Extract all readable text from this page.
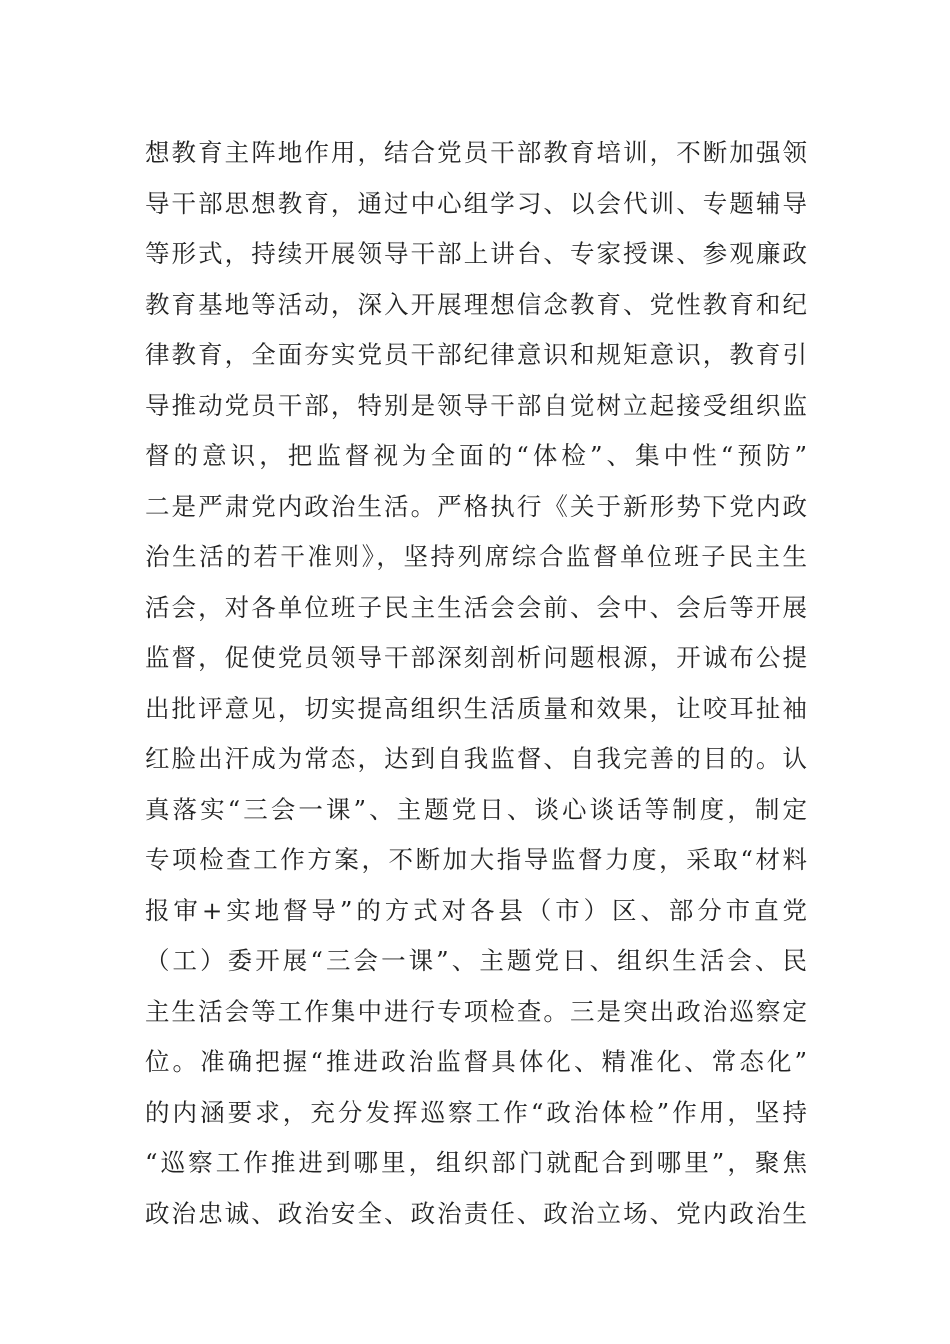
想教育主阵地作用，结合党员干部教育培训，不断加强领
导干部思想教育，通过中心组学习、以会代训、专题辅导
等形式，持续开展领导干部上讲台、专家授课、参观廉政
教育基地等活动，深入开展理想信念教育、党性教育和纪
律教育，全面夯实党员干部纪律意识和规矩意识，教育引
导推动党员干部，特别是领导干部自觉树立起接受组织监
督的意识，把监督视为全面的“体检”、集中性“预防”
二是严肃党内政治生活。严格执行《关于新形势下党内政
治生活的若干准则》，坚持列席综合监督单位班子民主生
活会，对各单位班子民主生活会会前、会中、会后等开展
监督，促使党员领导干部深刻剖析问题根源，开诚布公提
出批评意见，切实提高组织生活质量和效果，让咬耳扯袖
红脸出汗成为常态，达到自我监督、自我完善的目的。认
真落实“三会一课”、主题党日、谈心谈话等制度，制定
专项检查工作方案，不断加大指导监督力度，采取“材料
报审+实地督导”的方式对各县（市）区、部分市直党
（工）委开展“三会一课”、主题党日、组织生活会、民
主生活会等工作集中进行专项检查。三是突出政治巡察定
位。准确把握“推进政治监督具体化、精准化、常态化”
的内涵要求，充分发挥巡察工作“政治体检”作用，坚持
“巡察工作推进到哪里，组织部门就配合到哪里”，聚焦
政治忠诚、政治安全、政治责任、政治立场、党内政治生
